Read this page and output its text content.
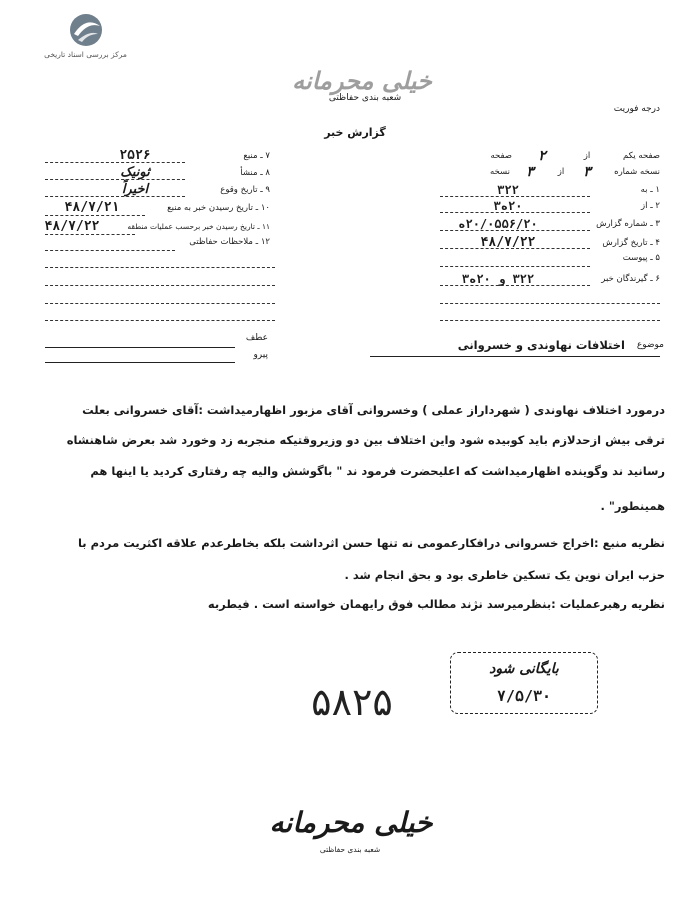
مرکز بررسی اسناد تاریخی
خیلی محرمانه
شعبه بندی حفاظتی
درجه فوریت
گزارش خبر
صفحه یکم
از
۲
صفحه
نسخه شماره
۳
از
۳
نسخه
۱ ـ به
۳۲۲
۲ ـ از
۲۰ه۳
۳ ـ شماره گزارش
۲۰/۰۵۵۶/۲۰ه
۴ ـ تاریخ گزارش
۴۸/۷/۲۲
۵ ـ پیوست
۶ ـ گیرندگان خبر
۳۲۲ و ۲۰ه۳
۷ ـ منبع
۲۵۲۶
۸ ـ منشأ
ثونیک
۹ ـ تاریخ وقوع
اخیراً
۱۰ ـ تاریخ رسیدن خبر به منبع
۴۸/۷/۲۱
۱۱ ـ تاریخ رسیدن خبر برحسب عملیات منطقه
۴۸/۷/۲۲
۱۲ ـ ملاحظات حفاظتی
عطف
پیرو
موضوع
اختلافات نهاوندی و خسروانی
درمورد اختلاف نهاوندی ( شهرداراز عملی ) وخسروانی آقای مزبور اظهارمیداشت :آقای خسروانی بعلت
ترقی بیش ازحدلازم باید کوبیده شود واین اختلاف بین دو وزیروقتیکه منجربه زد وخورد شد بعرض شاهنشاه
رسانید ند وگوینده اظهارمیداشت که اعلیحضرت فرمود ند " باگوشش والیه چه رفتاری کردید یا اینها هم
همینطور" .
نظریه منبع :اخراج خسروانی درافکارعمومی نه تنها حسن اثرداشت بلکه بخاطرعدم علاقه اکثریت مردم با
حزب ایران نوین یک تسکین خاطری بود و بحق انجام شد .
نظریه رهبرعملیات :بنظرمیرسد نژند مطالب فوق رایهمان خواسته است . فیطربه
بایگانی شود
۷/۵/۳۰
۵۸۲۵
خیلی محرمانه
شعبه بندی حفاظتی
